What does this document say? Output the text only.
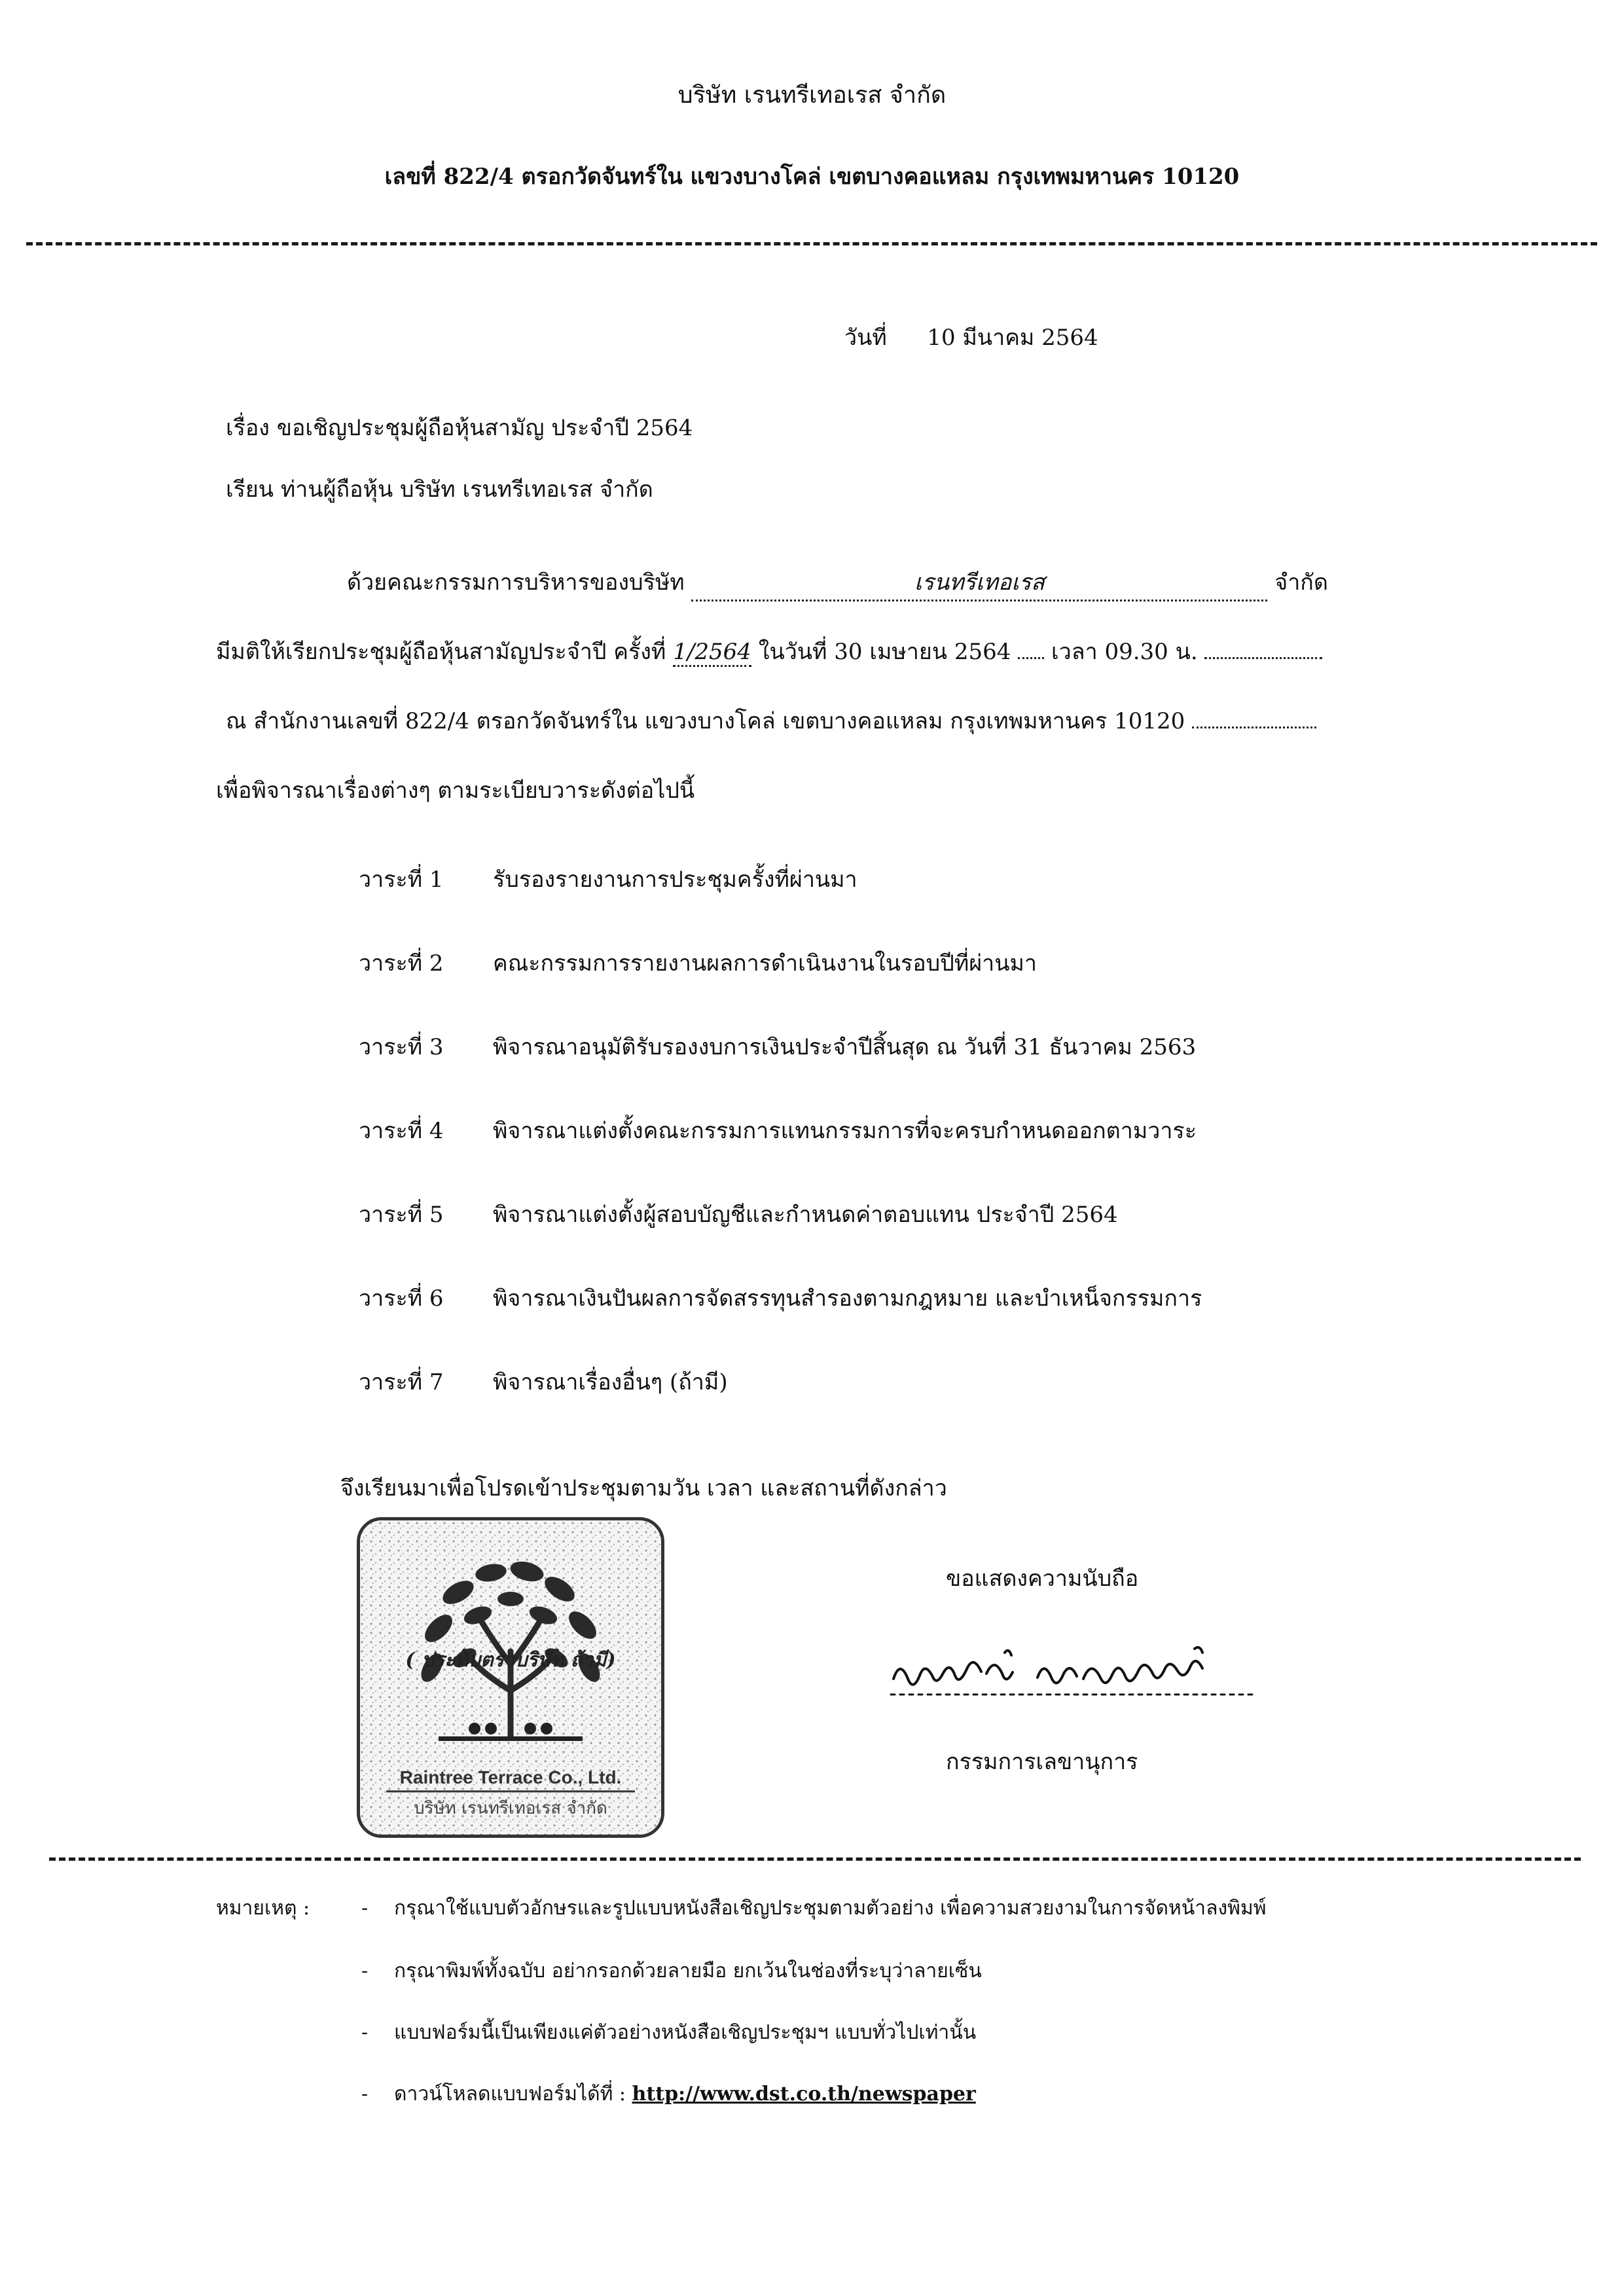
บริษัท เรนทรีเทอเรส จำกัด
เลขที่ 822/4 ตรอกวัดจันทร์ใน แขวงบางโคล่ เขตบางคอแหลม กรุงเทพมหานคร 10120
วันที่ 10 มีนาคม 2564
เรื่อง ขอเชิญประชุมผู้ถือหุ้นสามัญ ประจำปี 2564
เรียน ท่านผู้ถือหุ้น บริษัท เรนทรีเทอเรส จำกัด
ด้วยคณะกรรมการบริหารของบริษัท	เรนทรีเทอเรส	จำกัด
มีมติให้เรียกประชุมผู้ถือหุ้นสามัญประจำปี ครั้งที่ 1/2564 ในวันที่ 30 เมษายน 2564 เวลา 09.30 น.
ณ สำนักงานเลขที่ 822/4 ตรอกวัดจันทร์ใน แขวงบางโคล่ เขตบางคอแหลม กรุงเทพมหานคร 10120
เพื่อพิจารณาเรื่องต่างๆ ตามระเบียบวาระดังต่อไปนี้
วาระที่ 1 รับรองรายงานการประชุมครั้งที่ผ่านมา
วาระที่ 2 คณะกรรมการรายงานผลการดำเนินงานในรอบปีที่ผ่านมา
วาระที่ 3 พิจารณาอนุมัติรับรองงบการเงินประจำปีสิ้นสุด ณ วันที่ 31 ธันวาคม 2563
วาระที่ 4 พิจารณาแต่งตั้งคณะกรรมการแทนกรรมการที่จะครบกำหนดออกตามวาระ
วาระที่ 5 พิจารณาแต่งตั้งผู้สอบบัญชีและกำหนดค่าตอบแทน ประจำปี 2564
วาระที่ 6 พิจารณาเงินปันผลการจัดสรรทุนสำรองตามกฎหมาย และบำเหน็จกรรมการ
วาระที่ 7 พิจารณาเรื่องอื่นๆ (ถ้ามี)
จึงเรียนมาเพื่อโปรดเข้าประชุมตามวัน เวลา และสถานที่ดังกล่าว
Raintree Terrace Co., Ltd.
บริษัท เรนทรีเทอเรส จำกัด
( ประทับตราบริษัท ถ้ามี)
ขอแสดงความนับถือ
กรรมการเลขานุการ
หมายเหตุ :	- กรุณาใช้แบบตัวอักษรและรูปแบบหนังสือเชิญประชุมตามตัวอย่าง เพื่อความสวยงามในการจัดหน้าลงพิมพ์
- กรุณาพิมพ์ทั้งฉบับ อย่ากรอกด้วยลายมือ ยกเว้นในช่องที่ระบุว่าลายเซ็น
- แบบฟอร์มนี้เป็นเพียงแค่ตัวอย่างหนังสือเชิญประชุมฯ แบบทั่วไปเท่านั้น
- ดาวน์โหลดแบบฟอร์มได้ที่ : http://www.dst.co.th/newspaper
